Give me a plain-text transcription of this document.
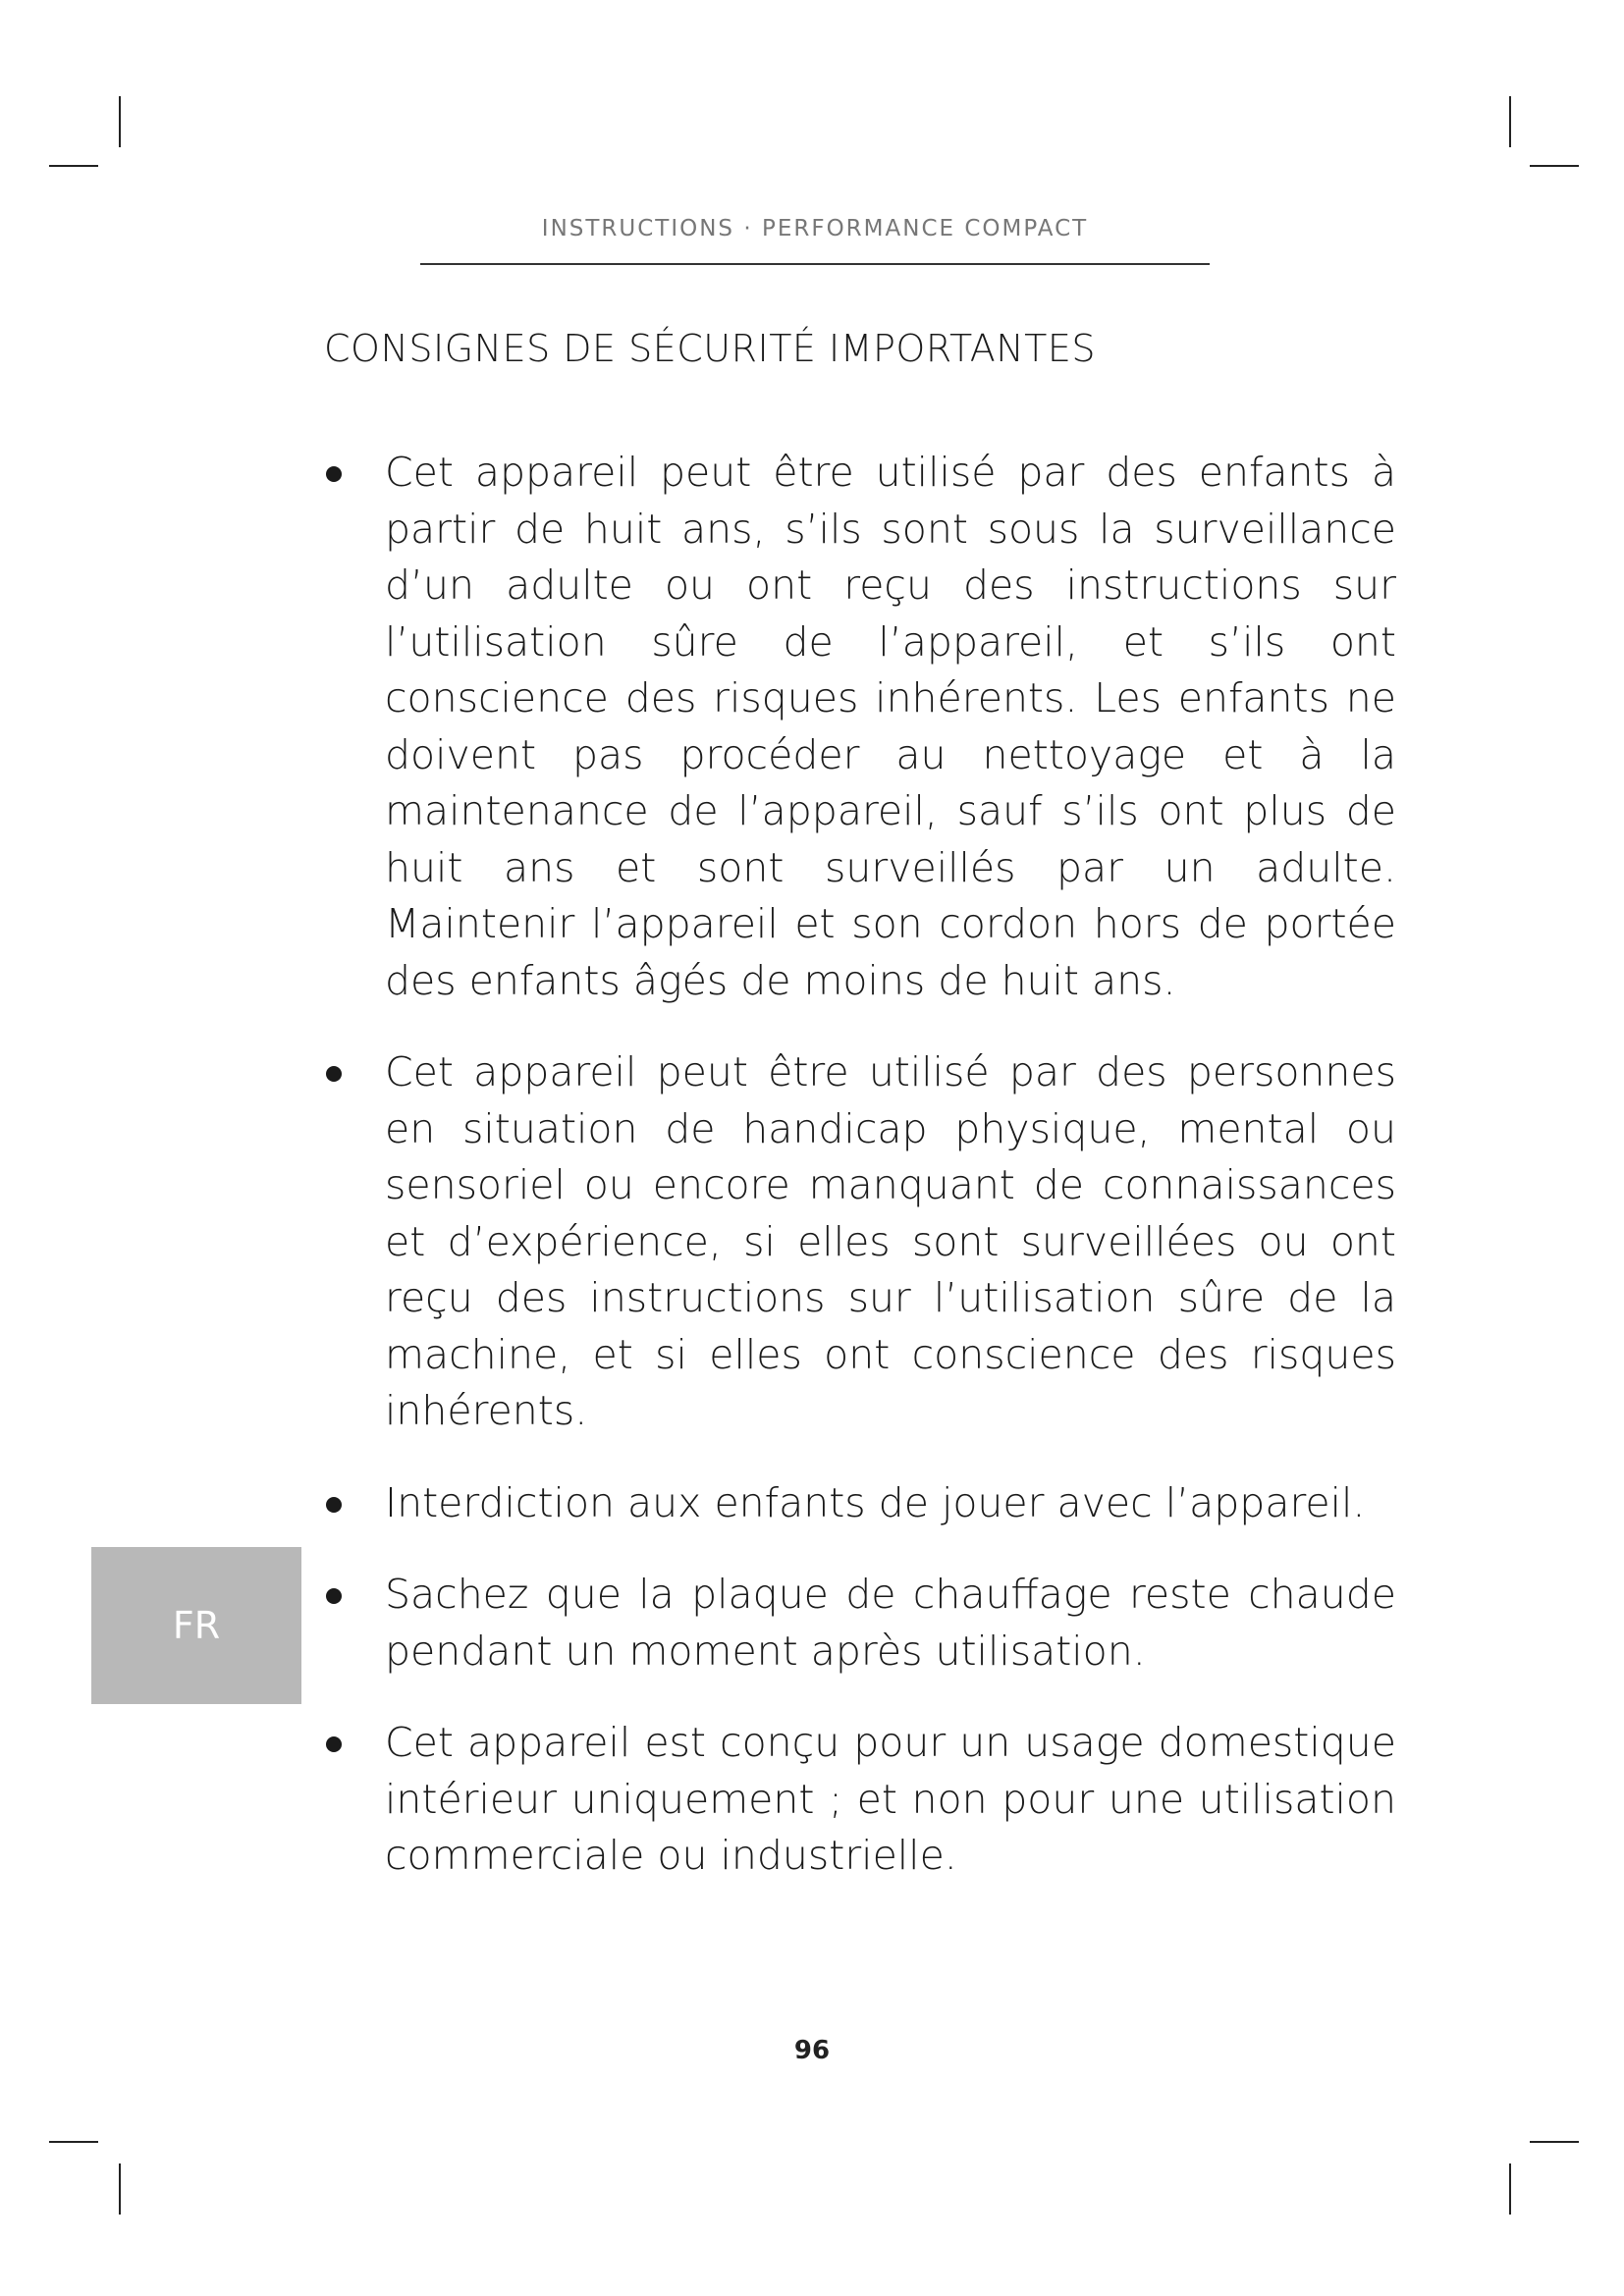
INSTRUCTIONS · PERFORMANCE COMPACT
CONSIGNES DE SÉCURITÉ IMPORTANTES
Cet appareil peut être utilisé par des enfants à partir de huit ans, s’ils sont sous la surveillance d’un adulte ou ont reçu des instructions sur l’utilisation sûre de l’appareil, et s’ils ont conscience des risques inhérents. Les enfants ne doivent pas procéder au nettoyage et à la maintenance de l’appareil, sauf s’ils ont plus de huit ans et sont surveillés par un adulte. Maintenir l’appareil et son cordon hors de portée des enfants âgés de moins de huit ans.
Cet appareil peut être utilisé par des personnes en situation de handicap physique, mental ou sensoriel ou encore manquant de connaissances et d’expérience, si elles sont surveillées ou ont reçu des instructions sur l’utilisation sûre de la machine, et si elles ont conscience des risques inhérents.
Interdiction aux enfants de jouer avec l’appareil.
Sachez que la plaque de chauffage reste chaude pendant un moment après utilisation.
Cet appareil est conçu pour un usage domestique intérieur uniquement ; et non pour une utilisation commerciale ou industrielle.
FR
96
